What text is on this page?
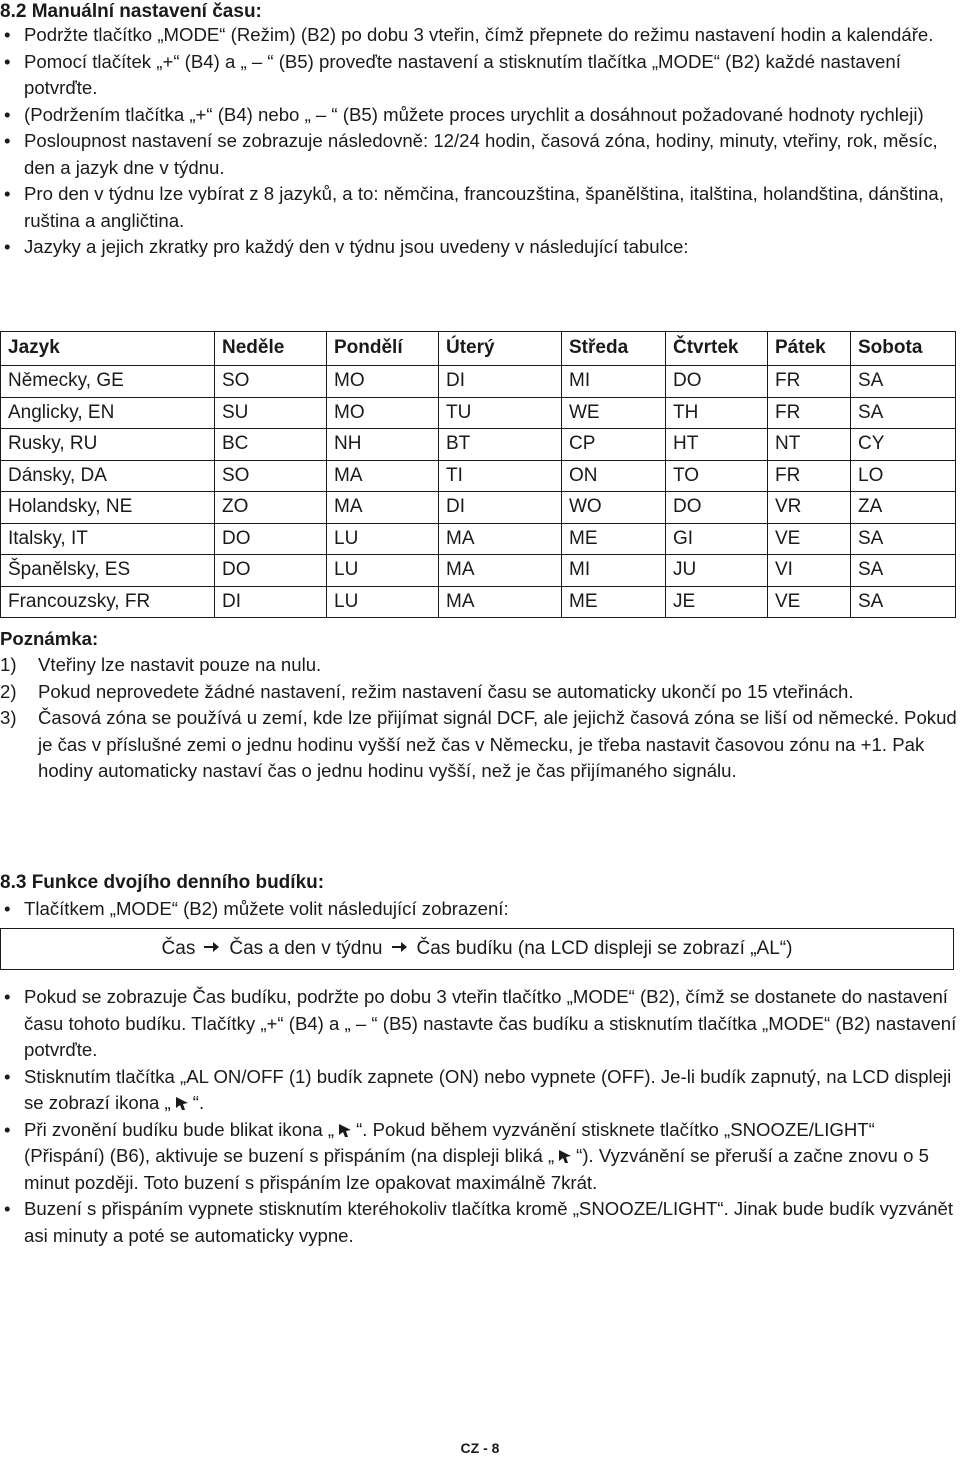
8.2 Manuální nastavení času:
• Podržte tlačítko „MODE“ (Režim) (B2) po dobu 3 vteřin, čímž přepnete do režimu nastavení hodin a kalendáře.
• Pomocí tlačítek „+“ (B4) a „ – “ (B5) proveďte nastavení a stisknutím tlačítka „MODE“ (B2) každé nastavení potvrďte.
• (Podržením tlačítka „+“ (B4) nebo „ – “ (B5) můžete proces urychlit a dosáhnout požadované hodnoty rychleji)
• Posloupnost nastavení se zobrazuje následovně: 12/24 hodin, časová zóna, hodiny, minuty, vteřiny, rok, měsíc, den a jazyk dne v týdnu.
• Pro den v týdnu lze vybírat z 8 jazyků, a to: němčina, francouzština, španělština, italština, holandština, dánština, ruština a angličtina.
• Jazyky a jejich zkratky pro každý den v týdnu jsou uvedeny v následující tabulce:
Jazyk	Neděle	Pondělí	Úterý	Středa	Čtvrtek	Pátek	Sobota
Německy, GE	SO	MO	DI	MI	DO	FR	SA
Anglicky, EN	SU	MO	TU	WE	TH	FR	SA
Rusky, RU	BC	NH	BT	CP	HT	NT	CY
Dánsky, DA	SO	MA	TI	ON	TO	FR	LO
Holandsky, NE	ZO	MA	DI	WO	DO	VR	ZA
Italsky, IT	DO	LU	MA	ME	GI	VE	SA
Španělsky, ES	DO	LU	MA	MI	JU	VI	SA
Francouzsky, FR	DI	LU	MA	ME	JE	VE	SA
Poznámka:
1) Vteřiny lze nastavit pouze na nulu.
2) Pokud neprovedete žádné nastavení, režim nastavení času se automaticky ukončí po 15 vteřinách.
3) Časová zóna se používá u zemí, kde lze přijímat signál DCF, ale jejichž časová zóna se liší od německé. Pokud je čas v příslušné zemi o jednu hodinu vyšší než čas v Německu, je třeba nastavit časovou zónu na +1. Pak hodiny automaticky nastaví čas o jednu hodinu vyšší, než je čas přijímaného signálu.
8.3 Funkce dvojího denního budíku:
• Tlačítkem „MODE“ (B2) můžete volit následující zobrazení:
Čas Čas a den v týdnu Čas budíku (na LCD displeji se zobrazí „AL“)
• Pokud se zobrazuje Čas budíku, podržte po dobu 3 vteřin tlačítko „MODE“ (B2), čímž se dostanete do nastavení času tohoto budíku. Tlačítky „+“ (B4) a „ – “ (B5) nastavte čas budíku a stisknutím tlačítka „MODE“ (B2) nastavení potvrďte.
• Stisknutím tlačítka „AL ON/OFF (1) budík zapnete (ON) nebo vypnete (OFF). Je-li budík zapnutý, na LCD displeji se zobrazí ikona „ “.
• Při zvonění budíku bude blikat ikona „ “. Pokud během vyzvánění stisknete tlačítko „SNOOZE/LIGHT“ (Přispání) (B6), aktivuje se buzení s přispáním (na displeji bliká „ “). Vyzvánění se přeruší a začne znovu o 5 minut později. Toto buzení s přispáním lze opakovat maximálně 7krát.
• Buzení s přispáním vypnete stisknutím kteréhokoliv tlačítka kromě „SNOOZE/LIGHT“. Jinak bude budík vyzvánět asi minuty a poté se automaticky vypne.
CZ - 8
